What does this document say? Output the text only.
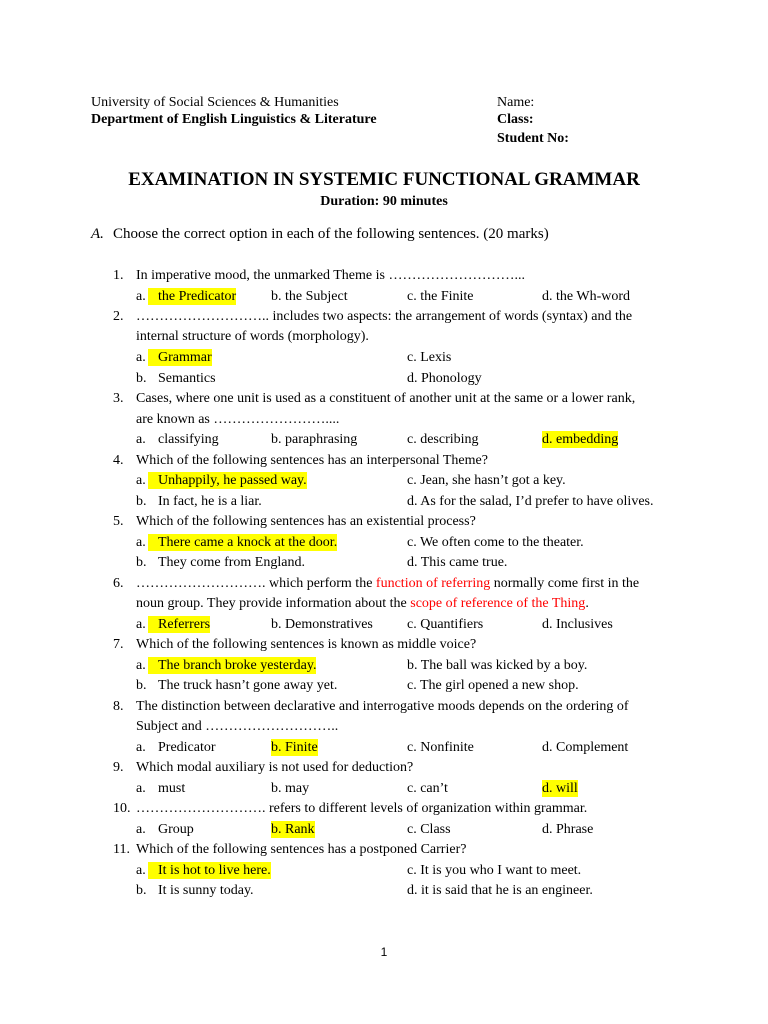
University of Social Sciences & Humanities
Department of English Linguistics & Literature
Name:
Class:
Student No:
EXAMINATION IN SYSTEMIC FUNCTIONAL GRAMMAR
Duration: 90 minutes
A. Choose the correct option in each of the following sentences. (20 marks)
1. In imperative mood, the unmarked Theme is ………………………...
a. the Predicator b. the Subject	c. the Finite	d. the Wh-word
2. ……………………….. includes two aspects: the arrangement of words (syntax) and the
internal structure of words (morphology).
a. Grammar	c. Lexis
b. Semantics	d. Phonology
3. Cases, where one unit is used as a constituent of another unit at the same or a lower rank,
are known as ……………………....
a. classifying	b. paraphrasing	c. describing	d. embedding
4. Which of the following sentences has an interpersonal Theme?
a. Unhappily, he passed way.	c. Jean, she hasn’t got a key.
b. In fact, he is a liar.	d. As for the salad, I’d prefer to have olives.
5. Which of the following sentences has an existential process?
a. There came a knock at the door.	c. We often come to the theater.
b. They come from England.	d. This came true.
6. ………………………. which perform the function of referring normally come first in the
noun group. They provide information about the scope of reference of the Thing.
a. Referrers	b. Demonstratives c. Quantifiers	d. Inclusives
7. Which of the following sentences is known as middle voice?
a. The branch broke yesterday.	b. The ball was kicked by a boy.
b. The truck hasn’t gone away yet.	c. The girl opened a new shop.
8. The distinction between declarative and interrogative moods depends on the ordering of
Subject and ………………………..
a. Predicator	b. Finite	c. Nonfinite	d. Complement
9. Which modal auxiliary is not used for deduction?
a. must	b. may	c. can’t	d. will
10. ………………………. refers to different levels of organization within grammar.
a. Group	b. Rank	c. Class	d. Phrase
11. Which of the following sentences has a postponed Carrier?
a. It is hot to live here.	c. It is you who I want to meet.
b. It is sunny today.	d. it is said that he is an engineer.
1
